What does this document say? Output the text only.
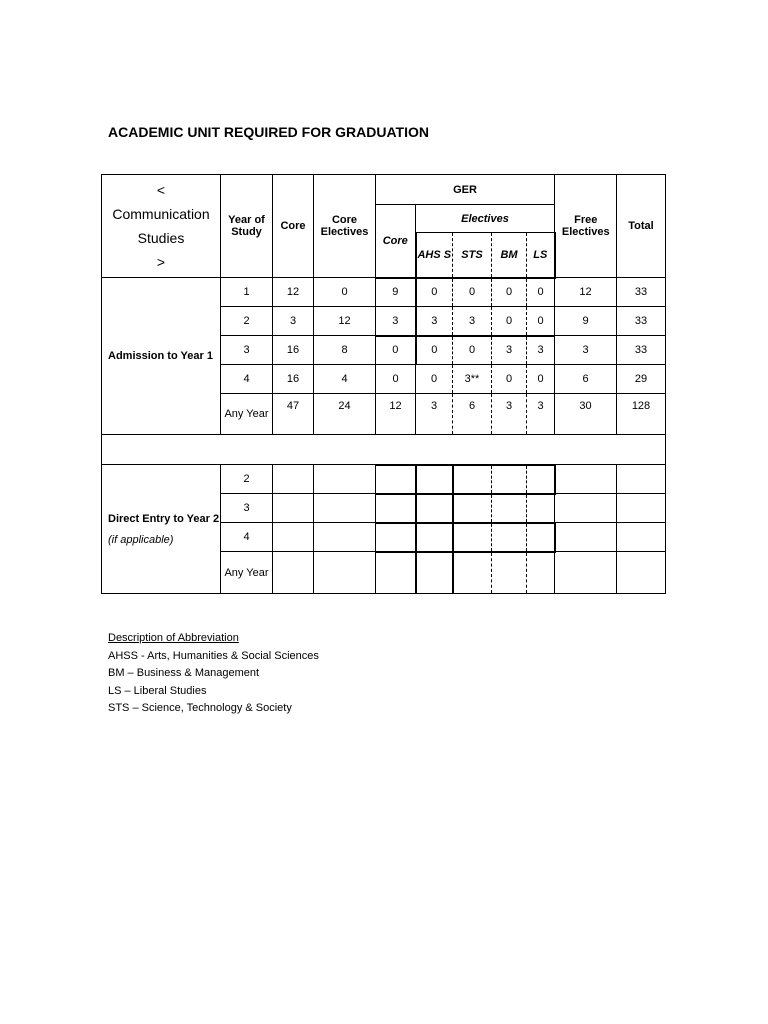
ACADEMIC UNIT REQUIRED FOR GRADUATION
<
Communication
Studies
>	Year of Study	Core	Core Electives	GER					Free Electives	Total
				Core	Electives					
					AHS S	STS	BM	LS		

Admission to Year 1	1	12	0	9	0	0	0	0	12	33
	2	3	12	3	3	3	0	0	9	33
	3	16	8	0	0	0	3	3	3	33
	4	16	4	0	0	3**	0	0	6	29
	Any Year	47	24	12	3	6	3	3	30	128

Direct Entry to Year 2
(if applicable)	2									
	3									
	4									
	Any Year									
Description of Abbreviation
AHSS - Arts, Humanities & Social Sciences
BM – Business & Management
LS – Liberal Studies
STS – Science, Technology & Society
